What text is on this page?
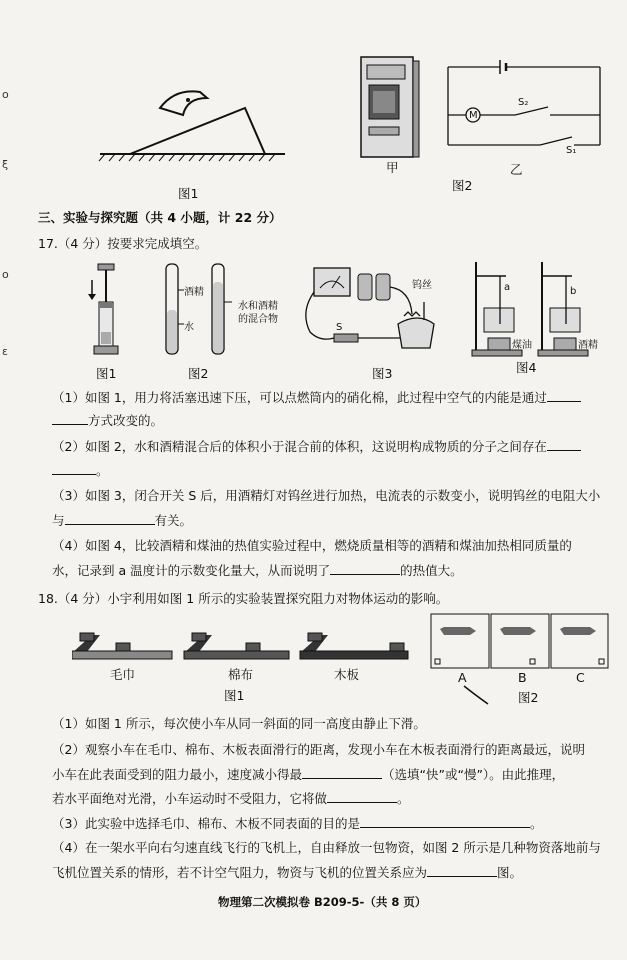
o
ξ
o
ε
图1
甲
M
S₂
S₁
图2
乙
三、实验与探究题（共 4 小题，计 22 分）
17.（4 分）按要求完成填空。
图1
酒精
水
水和酒精
的混合物
图2
钨丝
S
图3
a	b
煤油	酒精
图4
（1）如图 1，用力将活塞迅速下压，可以点燃筒内的硝化棉，此过程中空气的内能是通过
方式改变的。
（2）如图 2，水和酒精混合后的体积小于混合前的体积，这说明构成物质的分子之间存在
。
（3）如图 3，闭合开关 S 后，用酒精灯对钨丝进行加热，电流表的示数变小，说明钨丝的电阻大小
与	有关。
（4）如图 4，比较酒精和煤油的热值实验过程中，燃烧质量相等的酒精和煤油加热相同质量的
水，记录到 a 温度计的示数变化量大，从而说明了	的热值大。
18.（4 分）小宇利用如图 1 所示的实验装置探究阻力对物体运动的影响。
毛巾	棉布	木板
图1
A	B	C
图2
（1）如图 1 所示，每次使小车从同一斜面的同一高度由静止下滑。
（2）观察小车在毛巾、棉布、木板表面滑行的距离，发现小车在木板表面滑行的距离最远，说明
小车在此表面受到的阻力最小，速度减小得最	（选填“快”或“慢”）。由此推理，
若水平面绝对光滑，小车运动时不受阻力，它将做	。
（3）此实验中选择毛巾、棉布、木板不同表面的目的是	。
（4）在一架水平向右匀速直线飞行的飞机上，自由释放一包物资，如图 2 所示是几种物资落地前与
飞机位置关系的情形，若不计空气阻力，物资与飞机的位置关系应为	图。
物理第二次模拟卷 B209-5-（共 8 页）
